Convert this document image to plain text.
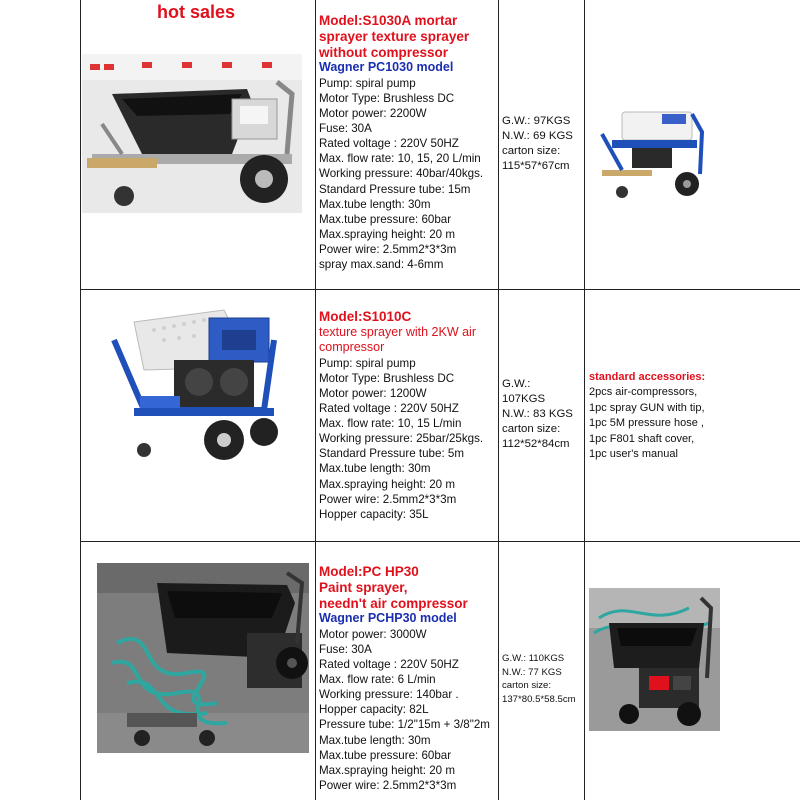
hot sales	Model:S1030A mortar
sprayer texture sprayer
without compressor
Wagner PC1030 model
Pump: spiral pump
Motor Type: Brushless DC
Motor power: 2200W
Fuse: 30A
Rated voltage : 220V 50HZ
Max. flow rate: 10, 15, 20 L/min
Working pressure: 40bar/40kgs.
Standard Pressure tube: 15m
Max.tube length: 30m
Max.tube pressure: 60bar
Max.spraying height: 20 m
Power wire: 2.5mm2*3*3m
spray max.sand: 4-6mm
G.W.: 97KGS
N.W.: 69 KGS
carton size:
115*57*67cm
Model:S1010C
texture sprayer with 2KW air
compressor
Pump: spiral pump
Motor Type: Brushless DC
Motor power: 1200W
Rated voltage : 220V 50HZ
Max. flow rate: 10, 15 L/min
Working pressure: 25bar/25kgs.
Standard Pressure tube: 5m
Max.tube length: 30m
Max.spraying height: 20 m
Power wire: 2.5mm2*3*3m
Hopper capacity: 35L
G.W.:
107KGS
N.W.: 83 KGS
carton size:
112*52*84cm
standard accessories:
2pcs air-compressors,
1pc spray GUN with tip,
1pc 5M pressure hose ,
1pc F801 shaft cover,
1pc user's manual
Model:PC HP30
Paint sprayer,
needn't air compressor
Wagner PCHP30 model
Motor power: 3000W
Fuse: 30A
Rated voltage : 220V 50HZ
Max. flow rate: 6 L/min
Working pressure: 140bar .
Hopper capacity: 82L
Pressure tube: 1/2"15m + 3/8"2m
Max.tube length: 30m
Max.tube pressure: 60bar
Max.spraying height: 20 m
Power wire: 2.5mm2*3*3m
G.W.: 110KGS
N.W.: 77 KGS
carton size:
137*80.5*58.5cm
